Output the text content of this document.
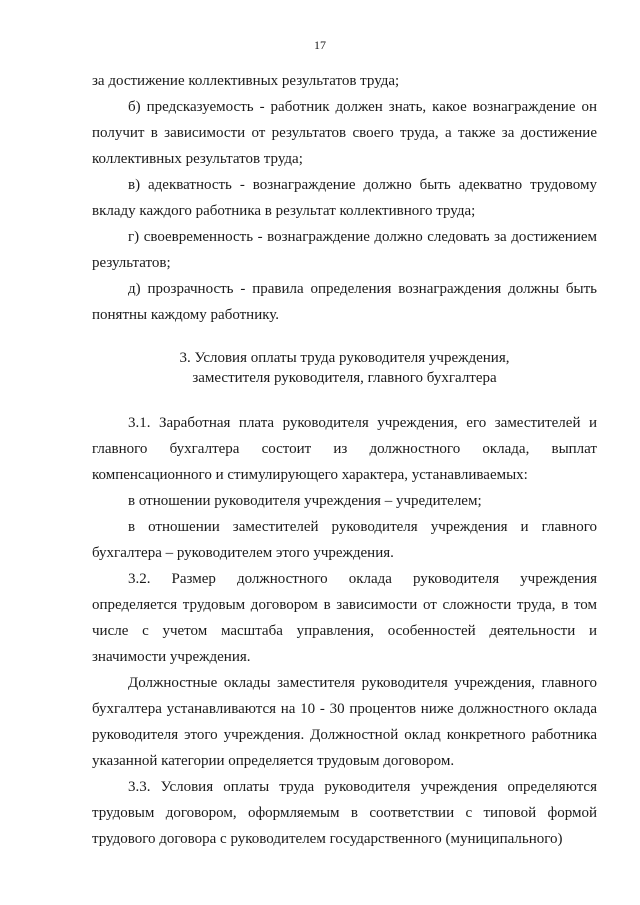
17

за достижение коллективных результатов труда;

б) предсказуемость - работник должен знать, какое вознаграждение он получит в зависимости от результатов своего труда, а также за достижение коллективных результатов труда;

в) адекватность - вознаграждение должно быть адекватно трудовому вкладу каждого работника в результат коллективного труда;

г) своевременность - вознаграждение должно следовать за достижением результатов;

д) прозрачность - правила определения вознаграждения должны быть понятны каждому работнику.

3. Условия оплаты труда руководителя учреждения,
заместителя руководителя, главного бухгалтера

3.1. Заработная плата руководителя учреждения, его заместителей и главного бухгалтера состоит из должностного оклада, выплат компенсационного и стимулирующего характера, устанавливаемых:

в отношении руководителя учреждения – учредителем;

в отношении заместителей руководителя учреждения и главного бухгалтера – руководителем этого учреждения.

3.2. Размер должностного оклада руководителя учреждения определяется трудовым договором в зависимости от сложности труда, в том числе с учетом масштаба управления, особенностей деятельности и значимости учреждения.

Должностные оклады заместителя руководителя учреждения, главного бухгалтера устанавливаются на 10 - 30 процентов ниже должностного оклада руководителя этого учреждения. Должностной оклад конкретного работника указанной категории определяется трудовым договором.

3.3. Условия оплаты труда руководителя учреждения определяются трудовым договором, оформляемым в соответствии с типовой формой трудового договора с руководителем государственного (муниципального)
